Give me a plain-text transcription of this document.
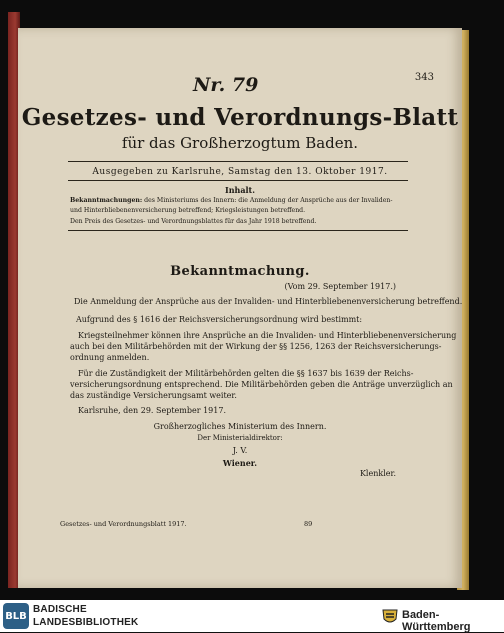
Nr. 79	343
Gesetzes- und Verordnungs-Blatt
für das Großherzogtum Baden.
Ausgegeben zu Karlsruhe, Samstag den 13. Oktober 1917.
Inhalt.
Bekanntmachungen: des Ministeriums des Innern: die Anmeldung der Ansprüche aus der Invaliden-
und Hinterbliebenenversicherung betreffend; Kriegsleistungen betreffend.
Den Preis des Gesetzes- und Verordnungsblattes für das Jahr 1918 betreffend.
Bekanntmachung.
(Vom 29. September 1917.)
Die Anmeldung der Ansprüche aus der Invaliden- und Hinterbliebenenversicherung betreffend.
Aufgrund des § 1616 der Reichsversicherungsordnung wird bestimmt:
Kriegsteilnehmer können ihre Ansprüche an die Invaliden- und Hinterbliebenenversicherung
auch bei den Militärbehörden mit der Wirkung der §§ 1256, 1263 der Reichsversicherungs-
ordnung anmelden.
Für die Zuständigkeit der Militärbehörden gelten die §§ 1637 bis 1639 der Reichs-
versicherungsordnung entsprechend. Die Militärbehörden geben die Anträge unverzüglich an
das zuständige Versicherungsamt weiter.
Karlsruhe, den 29. September 1917.
Großherzogliches Ministerium des Innern.
Der Ministerialdirektor:
J. V.
Wiener.
Klenkler.
Gesetzes- und Verordnungsblatt 1917.	89
BLB
BADISCHE
LANDESBIBLIOTHEK
Baden-Württemberg
